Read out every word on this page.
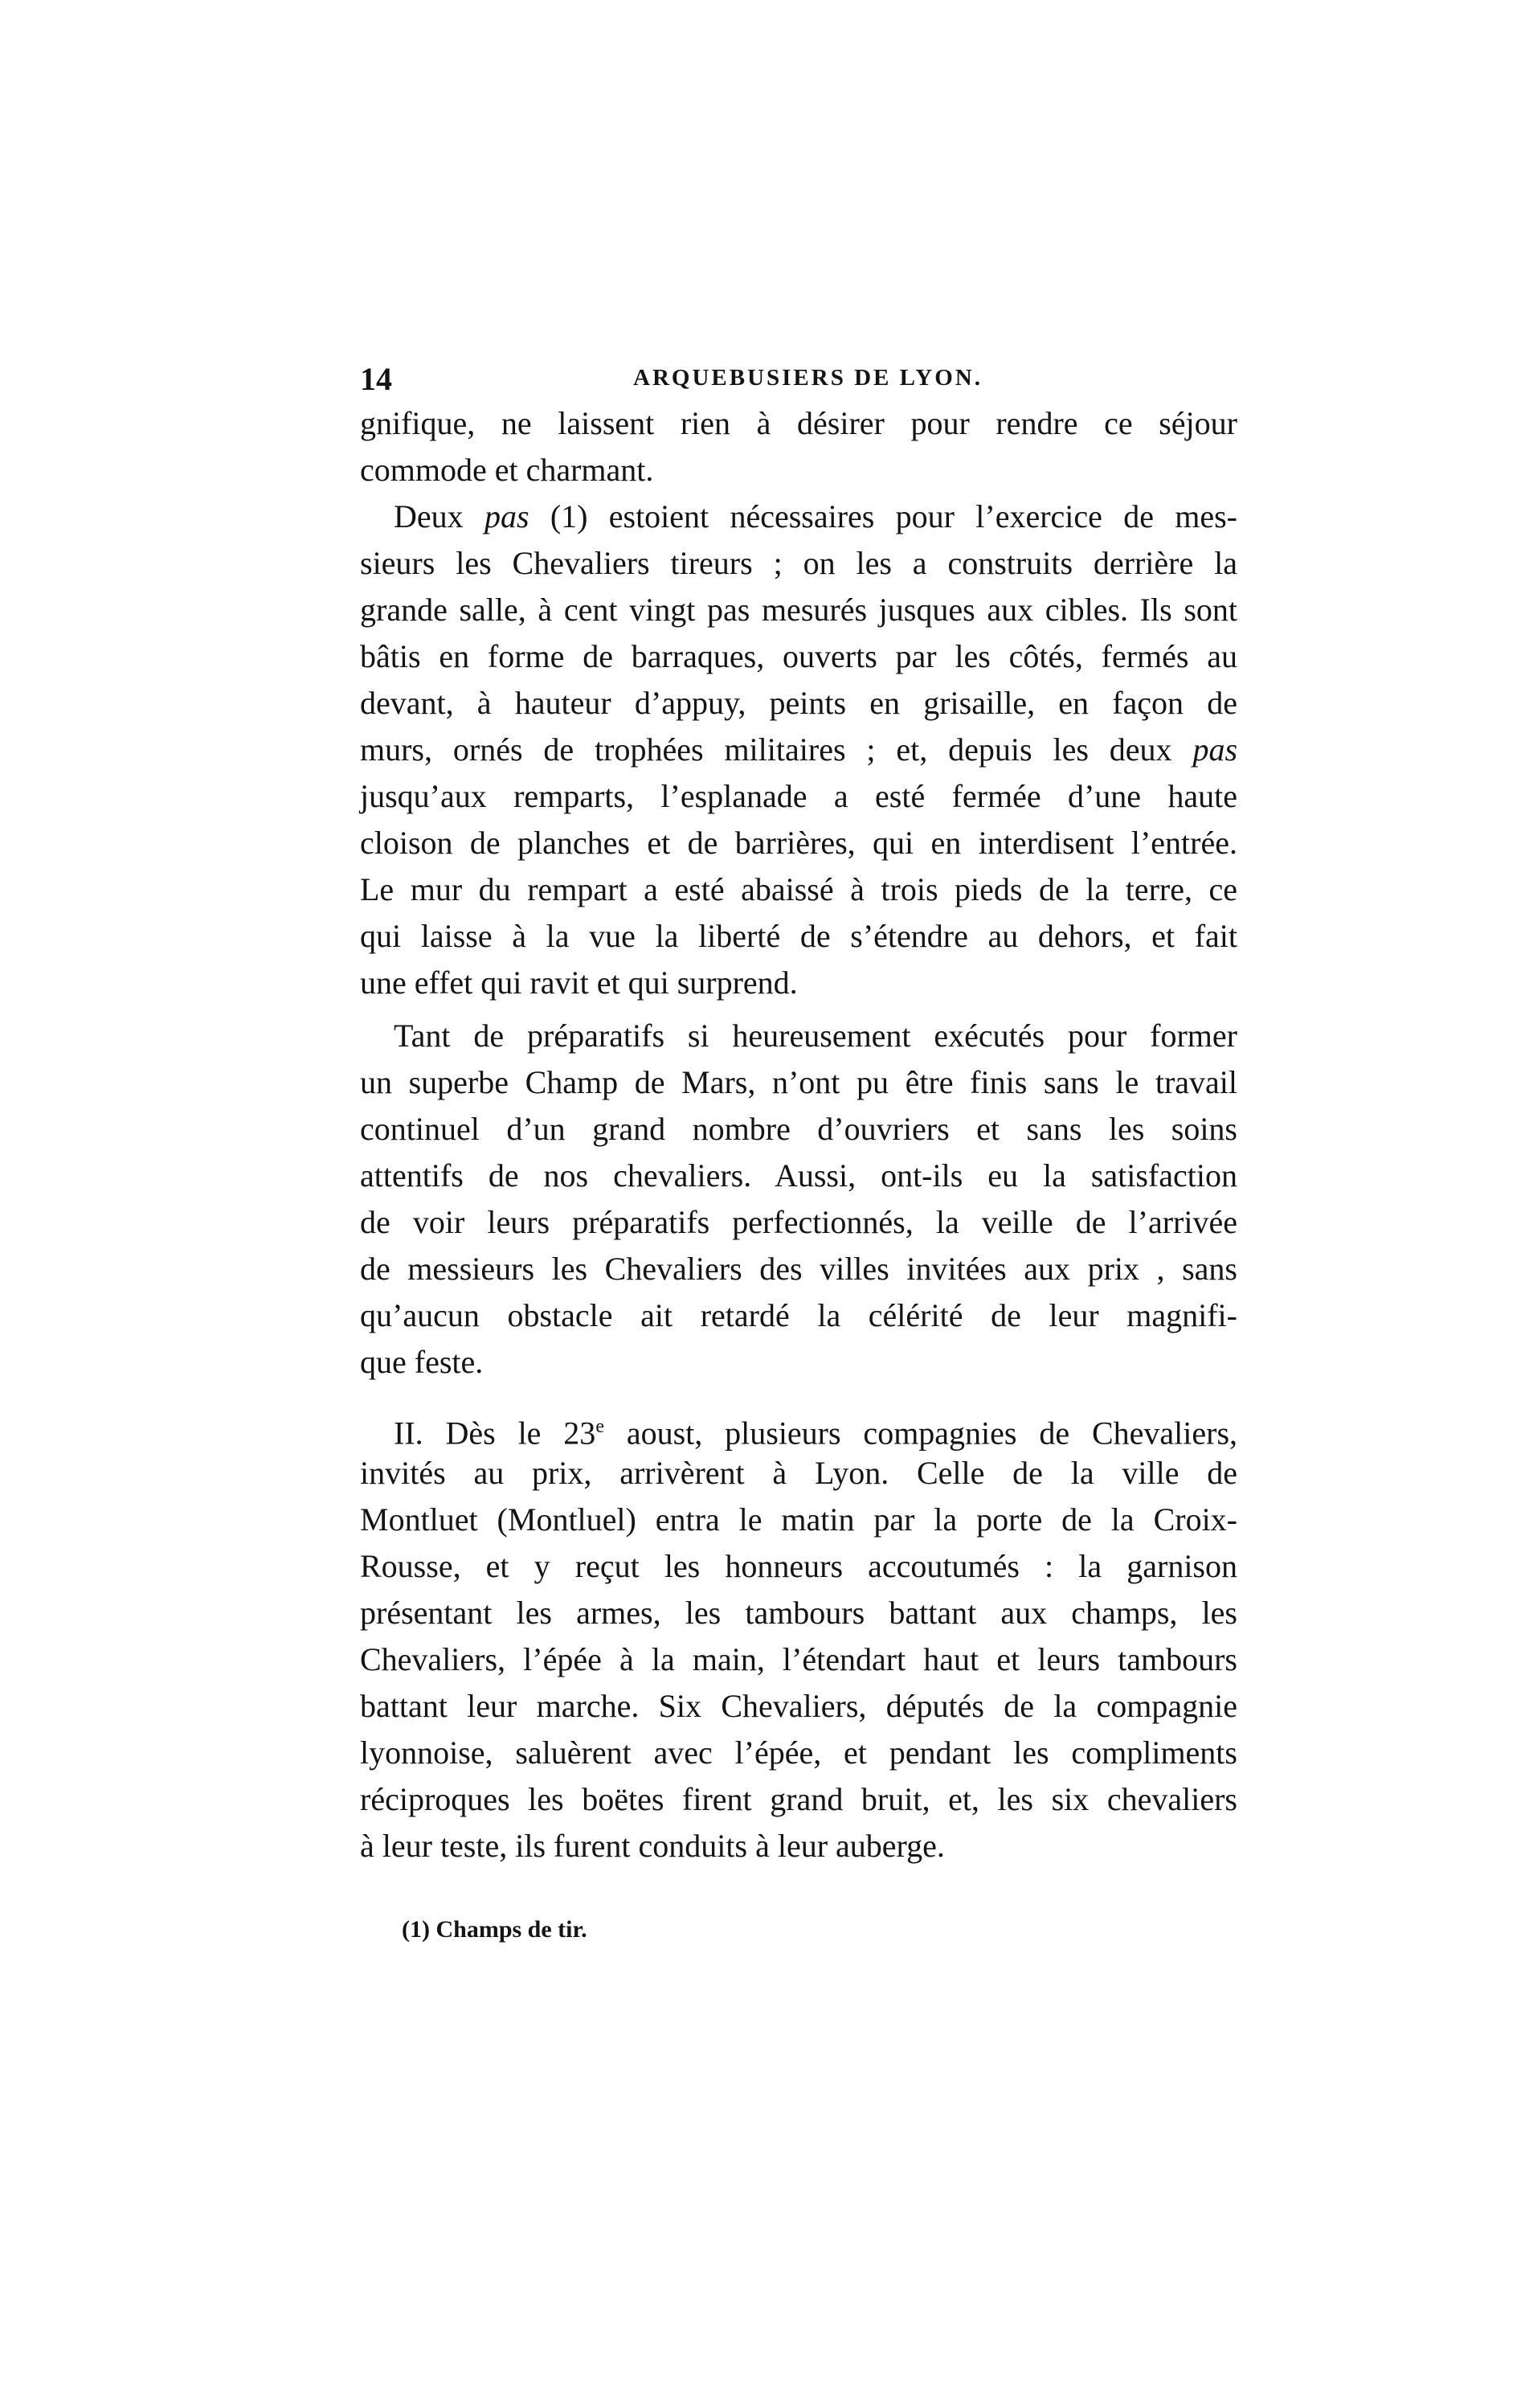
14	ARQUEBUSIERS DE LYON.
gnifique, ne laissent rien à désirer pour rendre ce séjour
commode et charmant.
Deux pas (1) estoient nécessaires pour l’exercice de mes-
sieurs les Chevaliers tireurs ; on les a construits derrière la
grande salle, à cent vingt pas mesurés jusques aux cibles. Ils sont
bâtis en forme de barraques, ouverts par les côtés, fermés au
devant, à hauteur d’appuy, peints en grisaille, en façon de
murs, ornés de trophées militaires ; et, depuis les deux pas
jusqu’aux remparts, l’esplanade a esté fermée d’une haute
cloison de planches et de barrières, qui en interdisent l’entrée.
Le mur du rempart a esté abaissé à trois pieds de la terre, ce
qui laisse à la vue la liberté de s’étendre au dehors, et fait
une effet qui ravit et qui surprend.
Tant de préparatifs si heureusement exécutés pour former
un superbe Champ de Mars, n’ont pu être finis sans le travail
continuel d’un grand nombre d’ouvriers et sans les soins
attentifs de nos chevaliers. Aussi, ont-ils eu la satisfaction
de voir leurs préparatifs perfectionnés, la veille de l’arrivée
de messieurs les Chevaliers des villes invitées aux prix , sans
qu’aucun obstacle ait retardé la célérité de leur magnifi-
que feste.
II. Dès le 23e aoust, plusieurs compagnies de Chevaliers,
invités au prix, arrivèrent à Lyon. Celle de la ville de
Montluet (Montluel) entra le matin par la porte de la Croix-
Rousse, et y reçut les honneurs accoutumés : la garnison
présentant les armes, les tambours battant aux champs, les
Chevaliers, l’épée à la main, l’étendart haut et leurs tambours
battant leur marche. Six Chevaliers, députés de la compagnie
lyonnoise, saluèrent avec l’épée, et pendant les compliments
réciproques les boëtes firent grand bruit, et, les six chevaliers
à leur teste, ils furent conduits à leur auberge.
(1) Champs de tir.
